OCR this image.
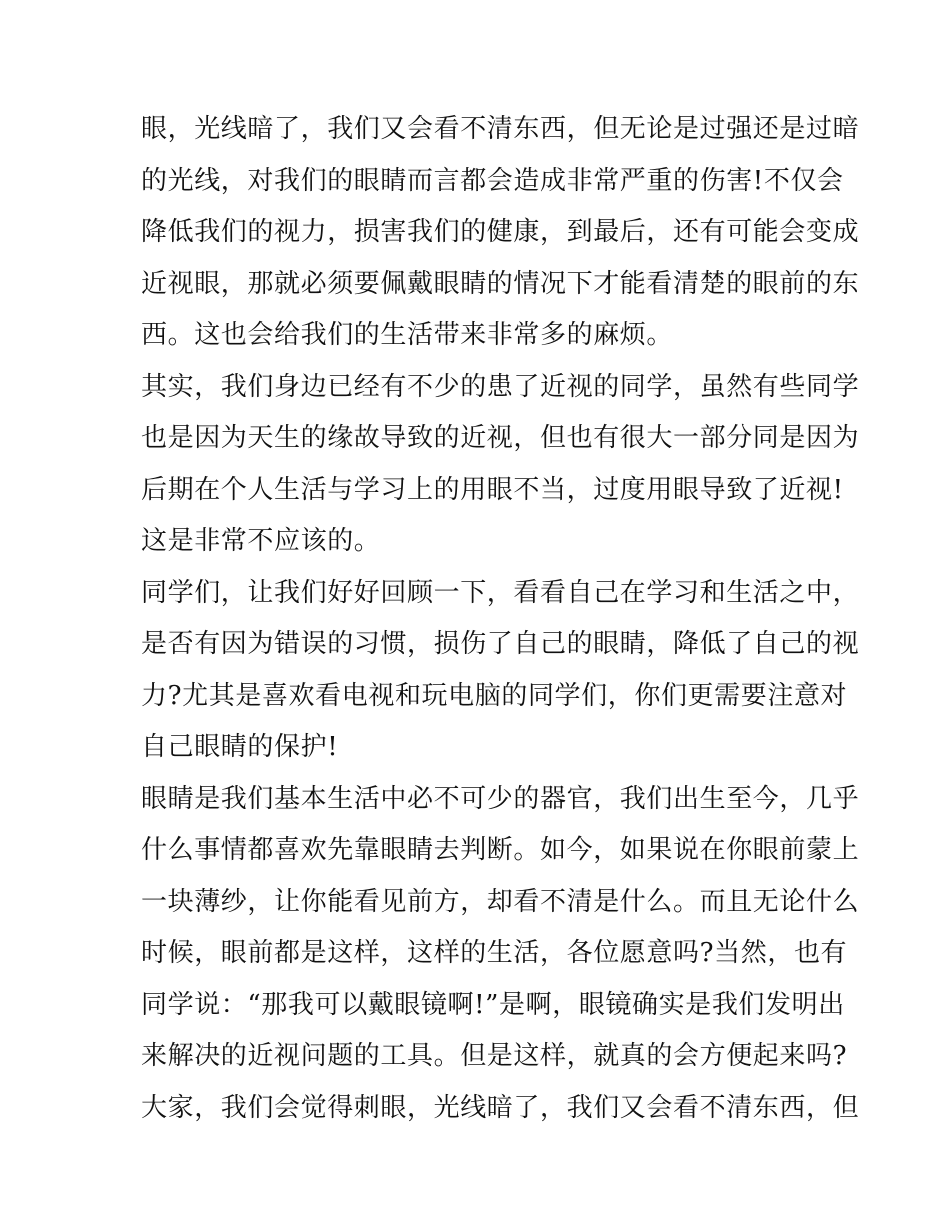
眼，光线暗了，我们又会看不清东西，但无论是过强还是过暗
的光线，对我们的眼睛而言都会造成非常严重的伤害!不仅会
降低我们的视力，损害我们的健康，到最后，还有可能会变成
近视眼，那就必须要佩戴眼睛的情况下才能看清楚的眼前的东
西。这也会给我们的生活带来非常多的麻烦。
其实，我们身边已经有不少的患了近视的同学，虽然有些同学
也是因为天生的缘故导致的近视，但也有很大一部分同是因为
后期在个人生活与学习上的用眼不当，过度用眼导致了近视!
这是非常不应该的。
同学们，让我们好好回顾一下，看看自己在学习和生活之中，
是否有因为错误的习惯，损伤了自己的眼睛，降低了自己的视
力?尤其是喜欢看电视和玩电脑的同学们，你们更需要注意对
自己眼睛的保护!
眼睛是我们基本生活中必不可少的器官，我们出生至今，几乎
什么事情都喜欢先靠眼睛去判断。如今，如果说在你眼前蒙上
一块薄纱，让你能看见前方，却看不清是什么。而且无论什么
时候，眼前都是这样，这样的生活，各位愿意吗?当然，也有
同学说：“那我可以戴眼镜啊!”是啊，眼镜确实是我们发明出
来解决的近视问题的工具。但是这样，就真的会方便起来吗?
大家，我们会觉得刺眼，光线暗了，我们又会看不清东西，但
